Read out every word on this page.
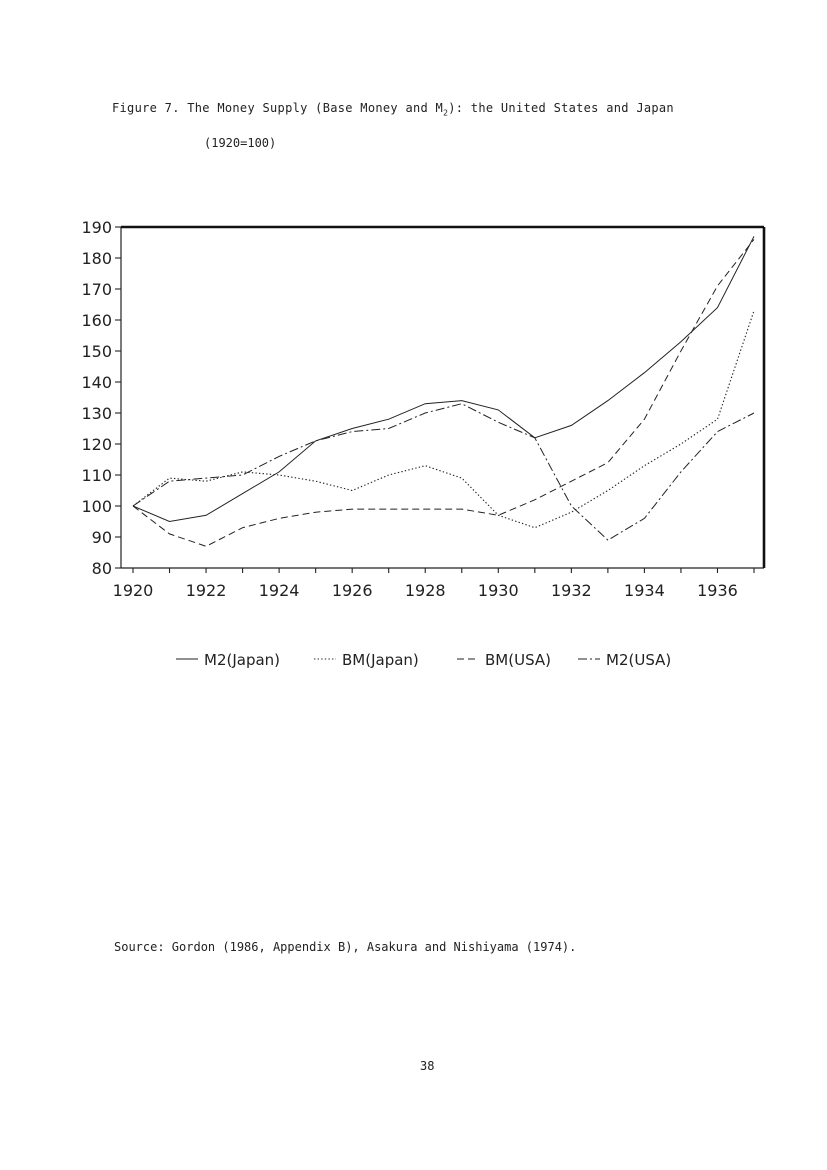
Figure 7. The Money Supply (Base Money and $M_2$): the United States and Japan
(1920=100)
80
90
100
110
120
130
140
150
160
170
180
190
1920 1922 1924 1926 1928 1930 1932 1934 1936
M2(Japan)	BM(Japan)	BM(USA)	M2(USA)
Source: Gordon (1986, Appendix B), Asakura and Nishiyama (1974).
38
